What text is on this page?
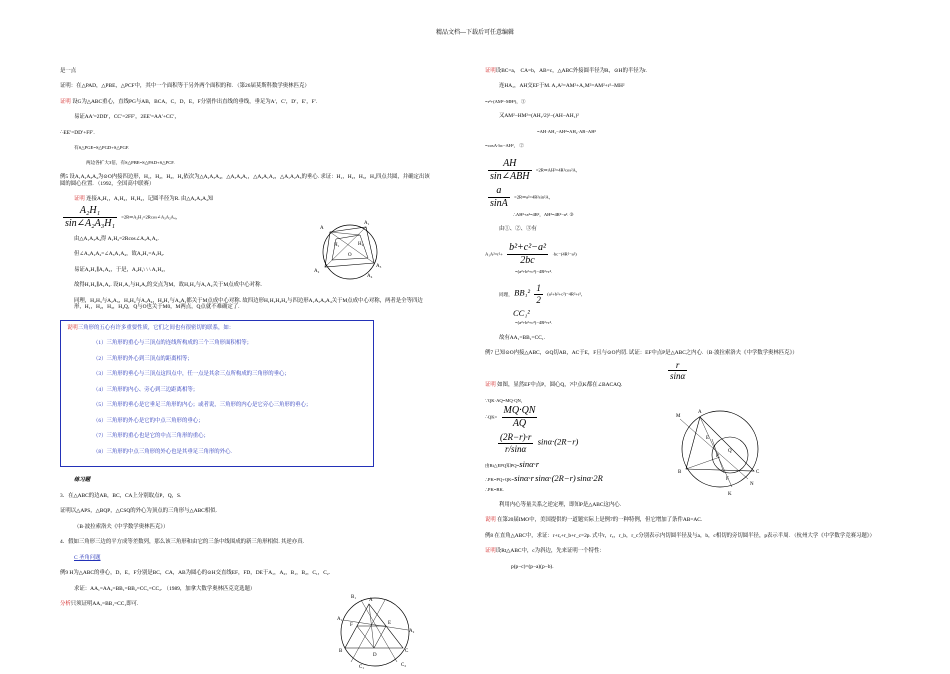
精品文档---下载后可任意编辑

是一点

证明：在△PAD，△PBE，△PCF中，其中一个面积等于另外两个面积的和. （第26届莫斯科数学奥林匹克）

证明 设G为△ABC重心，直线PG与AB，BCA，C，D，E，F分别作出直线的垂线，垂足为A′，C′，D′，E′，F′.

易证AA′=2DD′，CC′=2FF′，2EE′=AA′+CC′，

∴EE′=DD′+FF′.

有S△PGE=S△PGD+S△PGF.

两边各扩大3倍，有S△PBE=S△PAD+S△PCF.

例5 设A₁A₂A₃A₄为⊙O内接四边形，H₁，H₂，H₃，H₄依次为△A₂A₃A₄，△A₃A₄A₁，△A₄A₁A₂，△A₁A₂A₃的垂心. 求证：H₁，H₂，H₃，H₄四点共圆，并确定出该圆的圆心位置. （1992，全国高中联赛）

证明 连接A₂H₁，A₁H₂，H₁H₂，记圆半径为R. 由△A₂A₃A₄知

$\frac{\text{A₂H₁}}{\text{sin∠A₂A₃H₁}}$ =2R⇒A₂H₁=2Rcos∠A₃A₂A₄，

由△A₁A₃A₄得 A₁H₂=2Rcos∠A₃A₁A₄.

但∠A₃A₂A₄=∠A₃A₁A₄，故A₂H₁=A₁H₂.

易证A₂H₁∥A₁A₂，于是，A₂H₁\ \ \ A₁H₂，

故得H₁H₂∥A₁A₂. 设H₁A₁与H₂A₂的交点为M，故H₁H₂与A₁A₂关于M点成中心对称.

同理，H₂H₃与A₂A₃，H₃H₄与A₃A₄，H₄H₁与A₄A₁都关于M点成中心对称. 故四边形H₁H₂H₃H₄与四边形A₁A₂A₃A₄关于M点成中心对称，两者是全等四边形，H₁，H₂，H₃，H₄Q，Q与O也关于M0，M两点，Q点就不难确定了.

说明三角形的五心有许多重要性质，它们之间也有很密切的联系，如：

（1）三角形的重心与三顶点的连线所构成的三个三角形面积相等；

（2）三角形的外心到三顶点的距离相等；

（3）三角形的垂心与三顶点这四点中，任一点是其余三点所构成的三角形的垂心；

（4）三角形的内心、旁心到三边距离相等；

（5）三角形的垂心是它垂足三角形的内心；或者说，三角形的内心是它旁心三角形的垂心；

（6）三角形的外心是它的中点三角形的垂心；

（7）三角形的重心也是它的中点三角形的重心；

（8）三角形的中点三角形的外心也是其垂足三角形的外心.

练习题

3．在△ABC的边AB，BC，CA上分别取点P，Q，S.

证明以△APS，△BQP，△CSQ的外心为顶点的三角形与△ABC相似.

（B·波拉索洛夫《中学数学奥林匹克》）

4．假如三角形三边的平方成等差数列，那么该三角形和由它的三条中线围成的新三角形相似. 其逆亦真.

C 圣角问题

例9 H为△ABC的垂心，D，E，F分别是BC，CA，AB为圆心的⊙H交直线EF，FD，DE于A₁，A₂，B₁，B₂，C₁，C₂.

求证：AA₁=AA₂=BB₁=BB₂=CC₁=CC₂. （1989，加拿大数学奥林匹克竞选题）

分析只须证明AA₁=BB₁=CC₁即可.

A
A₁
H₁
O
H₂
A₂
A₃
A₄
B₁
A₁
A
F	E
B
D
C
A₂
C₂
C₁

证明设BC=a， CA=b，AB=c，△ABC外接圆半径为R，⊙H的半径为r.

连HA₁，AH交EF于M. A₁A²=AM²+A₁M²=AM²+r²−MH²

=r²+(AM²−MH²)，①

又AM²−HM²=(AH₁/2)²−(AH−AH₁)²

=AH·AH₁−AH²=AH₂·AB−AH²

=cosA·bc−AH²， ②

$\frac{AH}{\text{sin∠ABH}}$ =2R⇒AH²=4R²cos²A，
$\frac{a}{\sin A}$ =2R⇒a²=4R²sin²A，

∴AH²+a²=4R²，AH²=4R²−a². ③

由①、②、③有

$A_1A^2=r^2+ \frac{\text{b²+c²−a²}}{2bc} \cdot bc-(4R^2-a^2)$

=(a²+b²+c²)−4R²+r².

同理， $BB_1^2 \frac{1}{2} (a^2+b^2+c^2)-4R^2+r^2$，

CC₁²

=(a²+b²+c²)−4R²+r².

故有AA₁=BB₁=CC₁.

例7 已知⊙O内接△ABC，⊙Q切AB，AC于E，F且与⊙O内切. 试证：EF中点P是△ABC之内心.（B·波拉索洛夫《中学数学奥林匹克》）

$\frac{r}{\sin\alpha}$

证明 如图，显然EF中点P，圆心Q，?中点K都在∠BACAQ.

∵QK·AQ=MQ·QN，

∴QK= $\frac{MQ\cdot QN}{AQ}$
$\frac{(2R-r)\cdot r}{r/\sin\alpha} \sin\alpha\cdot(2R-r)$

由Rt△EPQ知PQ=sinα·r

∴PK=PQ+QK=sinα·r sinα·(2R−r) sinα·2R

∴PK=BK.

利用内心等量关系之逆定理，即知P是△ABC这内心.

说明 在第20届IMO中，美国提供的一道题实际上是例7的一种特例，但它增加了条件AB=AC.

例8 在直角△ABC中，求证：r+rₐ+r_b+r_c=2p. 式中r，rₐ，r_b，r_c分别表示内切圆半径及与a，b，c相切的旁切圆半径，p表示半周. （杭州大学《中学数学竞赛习题》）

证明设Rt△ABC中，c为斜边，先来证明一个特性：

p(p−c)=(p−a)(p−b).

M
A
E
Q
P
B
K
N
C
F
